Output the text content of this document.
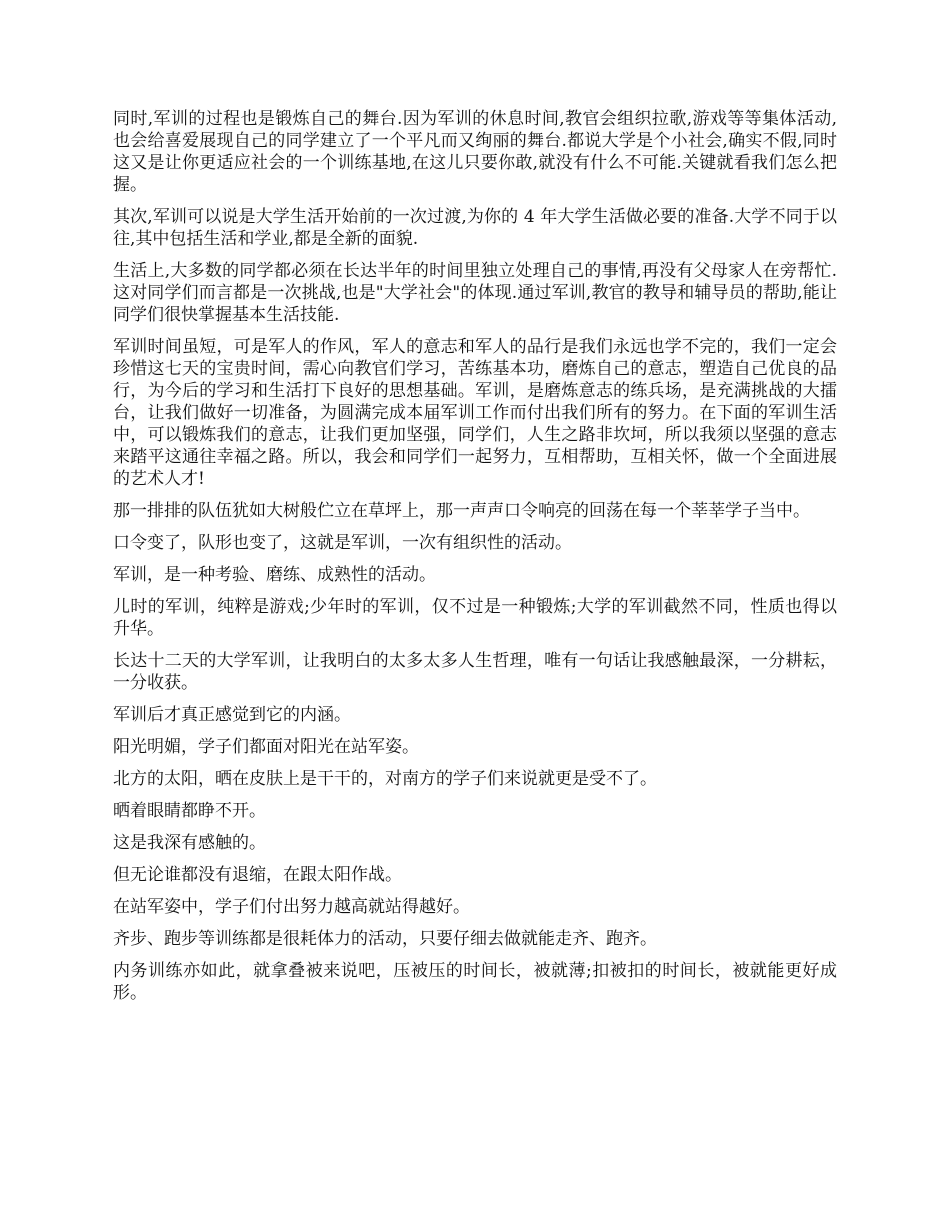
同时,军训的过程也是锻炼自己的舞台.因为军训的休息时间,教官会组织拉歌,游戏等等集体活动,也会给喜爱展现自己的同学建立了一个平凡而又绚丽的舞台.都说大学是个小社会,确实不假,同时这又是让你更适应社会的一个训练基地,在这儿只要你敢,就没有什么不可能.关键就看我们怎么把握。

其次,军训可以说是大学生活开始前的一次过渡,为你的 4 年大学生活做必要的准备.大学不同于以往,其中包括生活和学业,都是全新的面貌.

生活上,大多数的同学都必须在长达半年的时间里独立处理自己的事情,再没有父母家人在旁帮忙.这对同学们而言都是一次挑战,也是"大学社会"的体现.通过军训,教官的教导和辅导员的帮助,能让同学们很快掌握基本生活技能.

军训时间虽短，可是军人的作风，军人的意志和军人的品行是我们永远也学不完的，我们一定会珍惜这七天的宝贵时间，需心向教官们学习，苦练基本功，磨炼自己的意志，塑造自己优良的品行，为今后的学习和生活打下良好的思想基础。军训，是磨炼意志的练兵场，是充满挑战的大擂台，让我们做好一切准备，为圆满完成本届军训工作而付出我们所有的努力。在下面的军训生活中，可以锻炼我们的意志，让我们更加坚强，同学们，人生之路非坎坷，所以我须以坚强的意志来踏平这通往幸福之路。所以，我会和同学们一起努力，互相帮助，互相关怀，做一个全面进展的艺术人才!

那一排排的队伍犹如大树般伫立在草坪上，那一声声口令响亮的回荡在每一个莘莘学子当中。

口令变了，队形也变了，这就是军训，一次有组织性的活动。

军训，是一种考验、磨练、成熟性的活动。

儿时的军训，纯粹是游戏;少年时的军训，仅不过是一种锻炼;大学的军训截然不同，性质也得以升华。

长达十二天的大学军训，让我明白的太多太多人生哲理，唯有一句话让我感触最深，一分耕耘，一分收获。

军训后才真正感觉到它的内涵。

阳光明媚，学子们都面对阳光在站军姿。

北方的太阳，晒在皮肤上是干干的，对南方的学子们来说就更是受不了。

晒着眼睛都睁不开。

这是我深有感触的。

但无论谁都没有退缩，在跟太阳作战。

在站军姿中，学子们付出努力越高就站得越好。

齐步、跑步等训练都是很耗体力的活动，只要仔细去做就能走齐、跑齐。

内务训练亦如此，就拿叠被来说吧，压被压的时间长，被就薄;扣被扣的时间长，被就能更好成形。
